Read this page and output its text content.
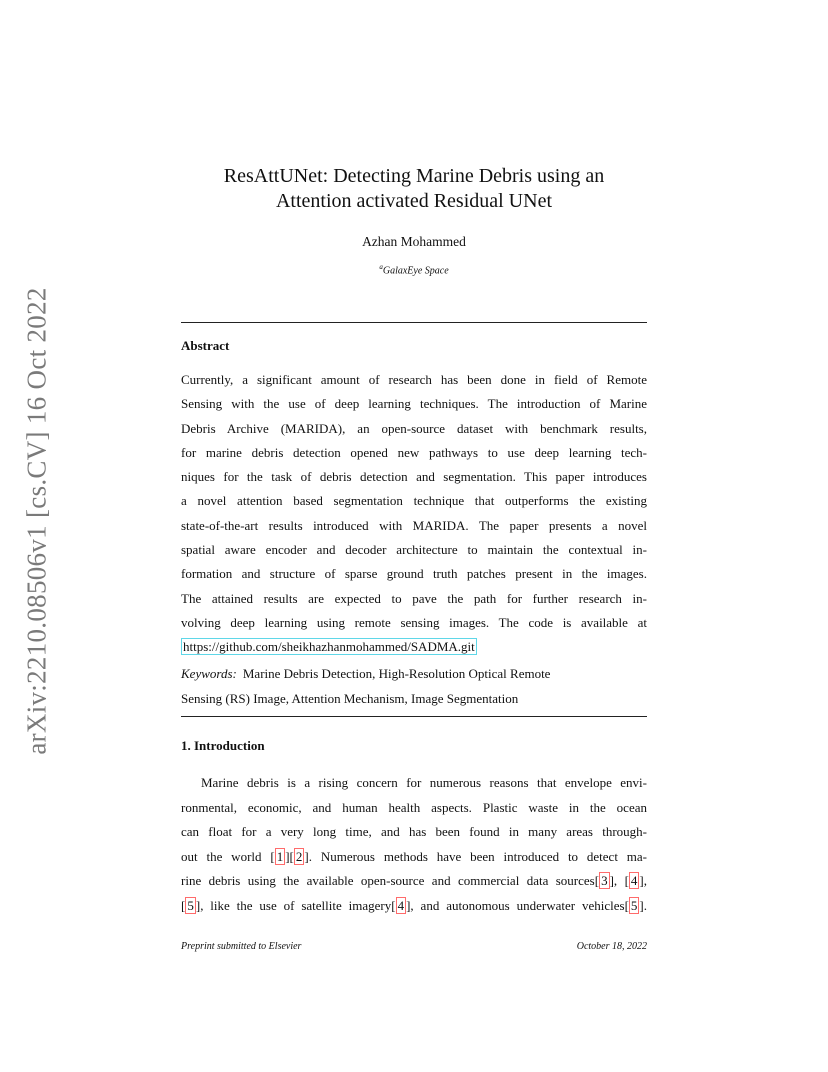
arXiv:2210.08506v1 [cs.CV] 16 Oct 2022
ResAttUNet: Detecting Marine Debris using an
Attention activated Residual UNet
Azhan Mohammed
$^a$GalaxEye Space
Abstract
Currently, a significant amount of research has been done in field of Remote
Sensing with the use of deep learning techniques. The introduction of Marine
Debris Archive (MARIDA), an open-source dataset with benchmark results,
for marine debris detection opened new pathways to use deep learning tech-
niques for the task of debris detection and segmentation. This paper introduces
a novel attention based segmentation technique that outperforms the existing
state-of-the-art results introduced with MARIDA. The paper presents a novel
spatial aware encoder and decoder architecture to maintain the contextual in-
formation and structure of sparse ground truth patches present in the images.
The attained results are expected to pave the path for further research in-
volving deep learning using remote sensing images. The code is available at
https://github.com/sheikhazhanmohammed/SADMA.git
Keywords: Marine Debris Detection, High-Resolution Optical Remote
Sensing (RS) Image, Attention Mechanism, Image Segmentation
1. Introduction
Marine debris is a rising concern for numerous reasons that envelope envi-
ronmental, economic, and human health aspects. Plastic waste in the ocean
can float for a very long time, and has been found in many areas through-
out the world [ 1 ][ 2 ]. Numerous methods have been introduced to detect ma-
rine debris using the available open-source and commercial data sources[ 3 ], [ 4 ],
[ 5 ], like the use of satellite imagery[ 4 ], and autonomous underwater vehicles[ 5 ].
Preprint submitted to Elsevier	October 18, 2022
